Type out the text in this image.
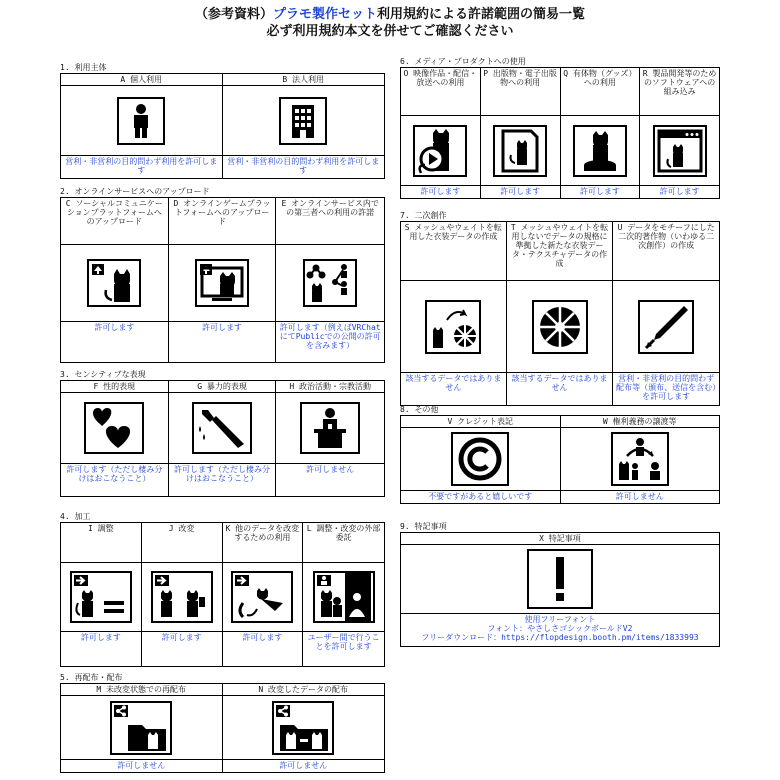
（参考資料）プラモ製作セット利用規約による許諾範囲の簡易一覧
必ず利用規約本文を併せてご確認ください
1. 利用主体
A 個人利用
営利・非営利の目的問わず利用を許可します
B 法人利用
営利・非営利の目的問わず利用を許可します
2. オンラインサービスへのアップロード
C ソーシャルコミュニケーションプラットフォームへのアップロード
許可します
D オンラインゲームプラットフォームへのアップロード
許可します
E オンラインサービス内での第三者への利用の許諾
許可します（例えばVRChatにてPublicでの公開の許可を含みます）
3. センシティブな表現
F 性的表現
許可します（ただし棲み分けはおこなうこと）
G 暴力的表現
許可します（ただし棲み分けはおこなうこと）
H 政治活動・宗教活動
許可しません
4. 加工
I 調整
許可します
J 改変
許可します
K 他のデータを改変するための利用
許可します
L 調整・改変の外部委託
ユーザー間で行うことを許可します
5. 再配布・配布
M 未改変状態での再配布
許可しません
N 改変したデータの配布
許可しません
6. メディア・プロダクトへの使用
O 映像作品・配信・放送への利用
許可します
P 出版物・電子出版物への利用
許可します
Q 有体物（グッズ）への利用
許可します
R 製品開発等のためのソフトウェアへの組み込み
許可します
7. 二次創作
S メッシュやウェイトを転用した衣装データの作成
該当するデータではありません
T メッシュやウェイトを転用しないでデータの規格に準拠した新たな衣装データ・テクスチャデータの作成
該当するデータではありません
U データをモチーフにした二次的著作物（いわゆる二次創作）の作成
営利・非営利の目的問わず配布等（頒布、送信を含む）を許可します
8. その他
V クレジット表記
不要ですがあると嬉しいです
W 権利義務の譲渡等
許可しません
9. 特記事項
X 特記事項
使用フリーフォント
フォント：やさしさゴシックボールドV2
フリーダウンロード：https://flopdesign.booth.pm/items/1833993
